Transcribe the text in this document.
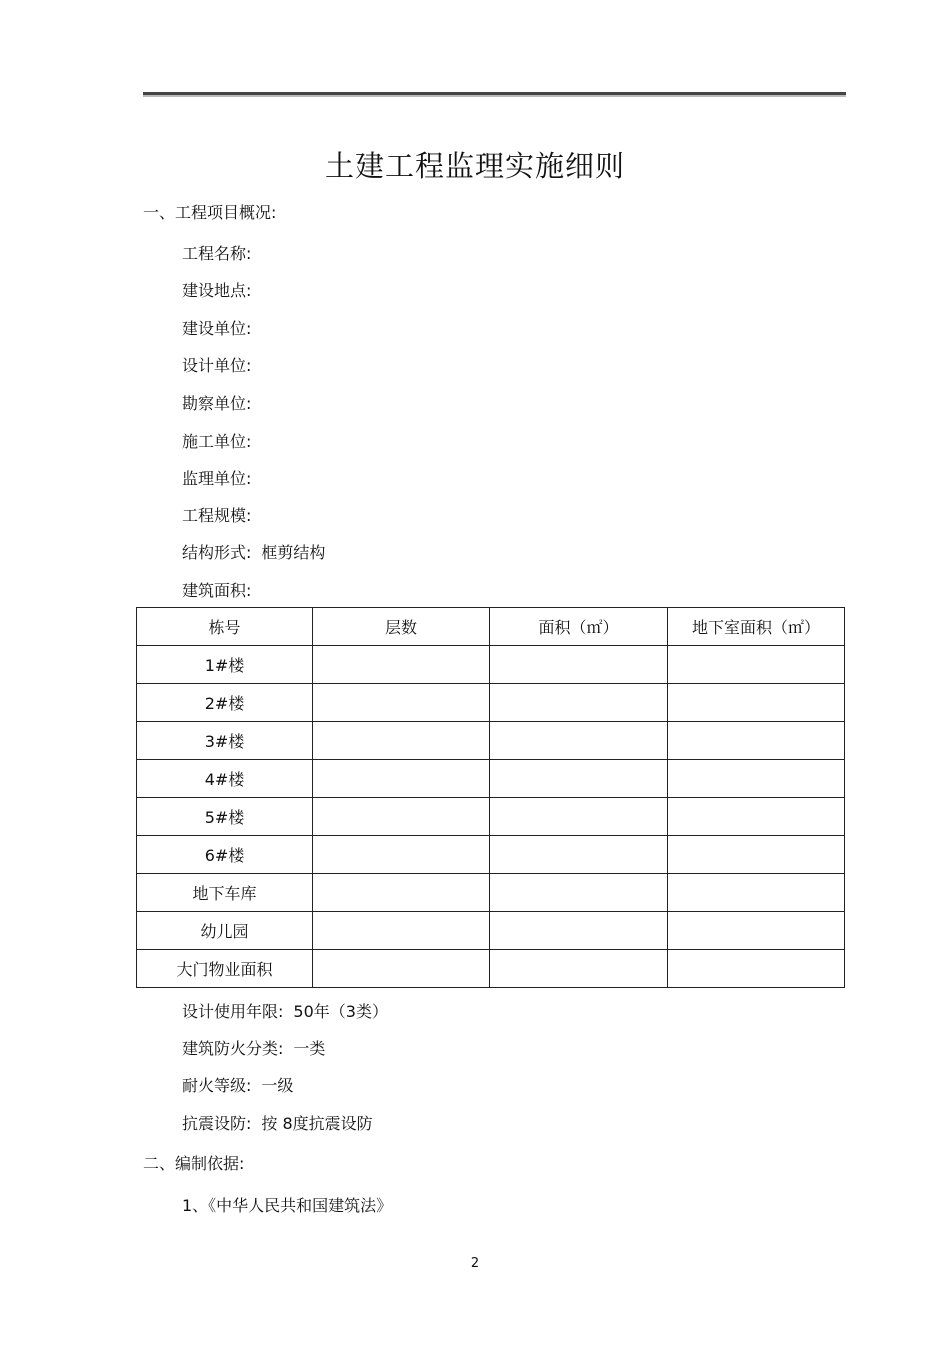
土建工程监理实施细则
一、工程项目概况:
工程名称:
建设地点:
建设单位:
设计单位:
勘察单位:
施工单位:
监理单位:
工程规模:
结构形式: 框剪结构
建筑面积:
栋号	层数	面积（㎡）	地下室面积（㎡）
1#楼			
2#楼			
3#楼			
4#楼			
5#楼			
6#楼			
地下车库			
幼儿园			
大门物业面积			
设计使用年限: 50年（3类）
建筑防火分类: 一类
耐火等级: 一级
抗震设防: 按 8度抗震设防
二、编制依据:
1、《中华人民共和国建筑法》
2
